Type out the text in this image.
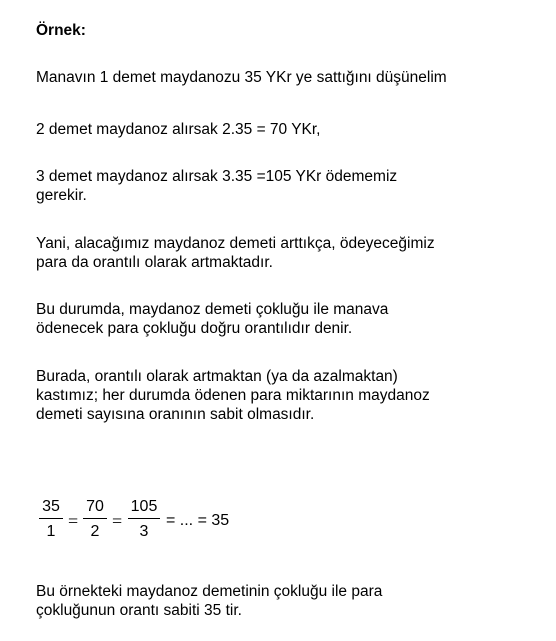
Örnek:
Manavın 1 demet maydanozu 35 YKr ye sattığını düşünelim
2 demet maydanoz alırsak 2.35 = 70 YKr,
3 demet maydanoz alırsak 3.35 =105 YKr ödememiz
gerekir.
Yani, alacağımız maydanoz demeti arttıkça, ödeyeceğimiz
para da orantılı olarak artmaktadır.
Bu durumda, maydanoz demeti çokluğu ile manava
ödenecek para çokluğu doğru orantılıdır denir.
Burada, orantılı olarak artmaktan (ya da azalmaktan)
kastımız; her durumda ödenen para miktarının maydanoz
demeti sayısına oranının sabit olmasıdır.
35
1
=
70
2
=
105
3
= ... = 35
Bu örnekteki maydanoz demetinin çokluğu ile para
çokluğunun orantı sabiti 35 tir.
